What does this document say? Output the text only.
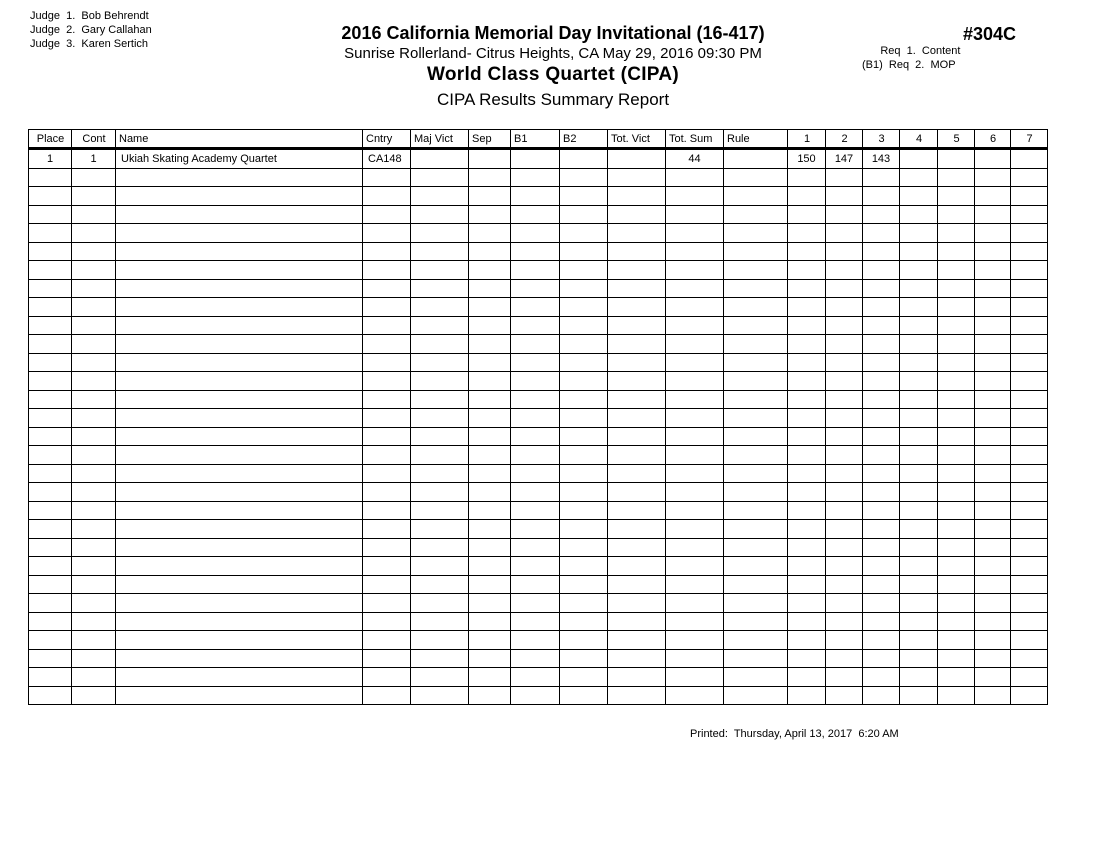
Judge  1.  Bob Behrendt
Judge  2.  Gary Callahan
Judge  3.  Karen Sertich
2016 California Memorial Day Invitational (16-417)
Sunrise Rollerland- Citrus Heights, CA May 29, 2016 09:30 PM
World Class Quartet (CIPA)
CIPA Results Summary Report
#304C
Req  1.  Content
(B1)  Req  2.  MOP
Place	Cont	Name	Cntry	Maj Vict	Sep	B1	B2	Tot. Vict	Tot. Sum	Rule	1	2	3	4	5	6	7
1	1	Ukiah Skating Academy Quartet	CA148						44		150	147	143				

Printed:  Thursday, April 13, 2017  6:20 AM
